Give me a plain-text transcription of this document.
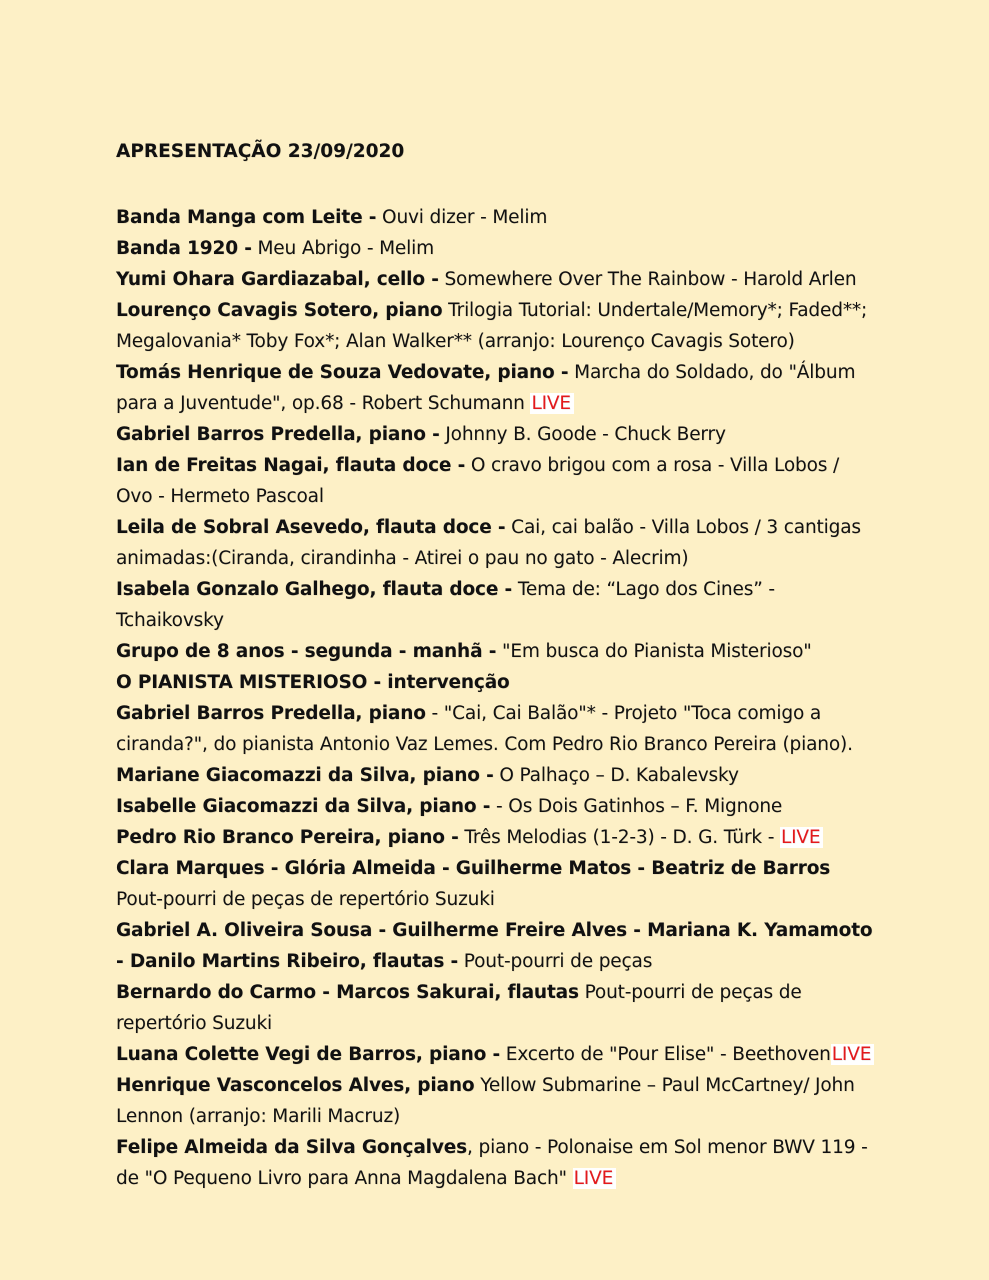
APRESENTAÇÃO 23/09/2020

Banda Manga com Leite - Ouvi dizer - Melim

Banda 1920 - Meu Abrigo - Melim

Yumi Ohara Gardiazabal, cello - Somewhere Over The Rainbow - Harold Arlen

Lourenço Cavagis Sotero, piano Trilogia Tutorial: Undertale/Memory*; Faded**; Megalovania* Toby Fox*; Alan Walker** (arranjo: Lourenço Cavagis Sotero)

Tomás Henrique de Souza Vedovate, piano - Marcha do Soldado, do "Álbum para a Juventude", op.68 - Robert Schumann LIVE

Gabriel Barros Predella, piano - Johnny B. Goode - Chuck Berry

Ian de Freitas Nagai, flauta doce - O cravo brigou com a rosa - Villa Lobos / Ovo - Hermeto Pascoal

Leila de Sobral Asevedo, flauta doce - Cai, cai balão - Villa Lobos / 3 cantigas animadas:(Ciranda, cirandinha - Atirei o pau no gato - Alecrim)

Isabela Gonzalo Galhego, flauta doce - Tema de: “Lago dos Cines” - Tchaikovsky

Grupo de 8 anos - segunda - manhã - "Em busca do Pianista Misterioso"

O PIANISTA MISTERIOSO - intervenção

Gabriel Barros Predella, piano - "Cai, Cai Balão"* - Projeto "Toca comigo a ciranda?", do pianista Antonio Vaz Lemes. Com Pedro Rio Branco Pereira (piano).

Mariane Giacomazzi da Silva, piano - O Palhaço – D. Kabalevsky

Isabelle Giacomazzi da Silva, piano - - Os Dois Gatinhos – F. Mignone

Pedro Rio Branco Pereira, piano - Três Melodias (1-2-3) - D. G. Türk - LIVE

Clara Marques - Glória Almeida - Guilherme Matos - Beatriz de Barros Pout-pourri de peças de repertório Suzuki

Gabriel A. Oliveira Sousa - Guilherme Freire Alves - Mariana K. Yamamoto - Danilo Martins Ribeiro, flautas - Pout-pourri de peças

Bernardo do Carmo - Marcos Sakurai, flautas Pout-pourri de peças de repertório Suzuki

Luana Colette Vegi de Barros, piano - Excerto de "Pour Elise" - BeethovenLIVE

Henrique Vasconcelos Alves, piano Yellow Submarine – Paul McCartney/ John Lennon (arranjo: Marili Macruz)

Felipe Almeida da Silva Gonçalves, piano - Polonaise em Sol menor BWV 119 - de "O Pequeno Livro para Anna Magdalena Bach" LIVE
